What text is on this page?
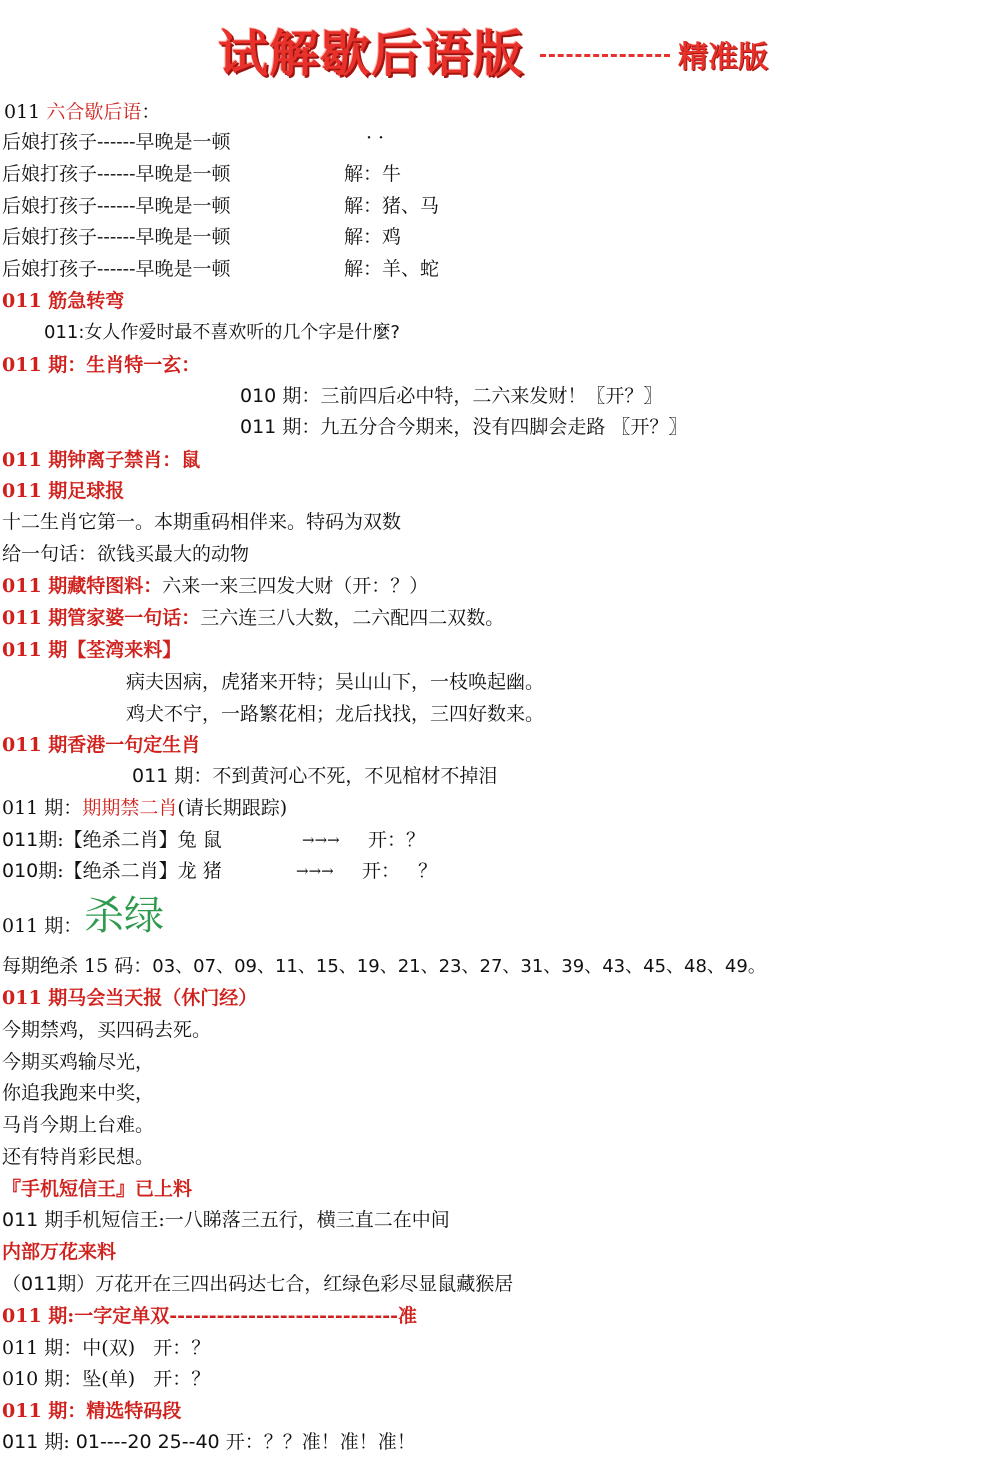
试解歇后语版	精准版
011 六合歇后语：
后娘打孩子------早晚是一顿	··
后娘打孩子------早晚是一顿	解：牛
后娘打孩子------早晚是一顿	解：猪、马
后娘打孩子------早晚是一顿	解：鸡
后娘打孩子------早晚是一顿	解：羊、蛇
011 筋急转弯
011:女人作爱时最不喜欢听的几个字是什麼?
011 期：生肖特一玄：
010 期：三前四后必中特，二六来发财！〖开？〗
011 期：九五分合今期来，没有四脚会走路 〖开？〗
011 期钟离子禁肖：鼠
011 期足球报
十二生肖它第一。本期重码相伴来。特码为双数
给一句话：欲钱买最大的动物
011 期藏特图料：六来一来三四发大财（开：？）
011 期管家婆一句话：三六连三八大数，二六配四二双数。
011 期【荃湾来料】
病夫因病，虎猪来开特；吴山山下，一枝唤起幽。
鸡犬不宁，一路繁花相；龙后找找，三四好数来。
011 期香港一句定生肖
011 期：不到黄河心不死，不见棺材不掉泪
011 期：期期禁二肖(请长期跟踪)
011期:【绝杀二肖】兔 鼠	→→→ 开：？
010期:【绝杀二肖】龙 猪	→→→ 开：   ？
011 期： 杀绿
每期绝杀 15 码：03、07、09、11、15、19、21、23、27、31、39、43、45、48、49。
011 期马会当天报（休门经）
今期禁鸡，买四码去死。
今期买鸡输尽光，
你追我跑来中奖，
马肖今期上台难。
还有特肖彩民想。
『手机短信王』已上料
011 期手机短信王:一八睇落三五行，横三直二在中间
内部万花来料
（011期）万花开在三四出码达七合，红绿色彩尽显鼠藏猴居
011 期:一字定单双-----------------------------准
011 期：中(双)   开：？
010 期：坠(单)   开：？
011 期：精选特码段
011 期: 01----20 25--40 开：？？准！准！准！
